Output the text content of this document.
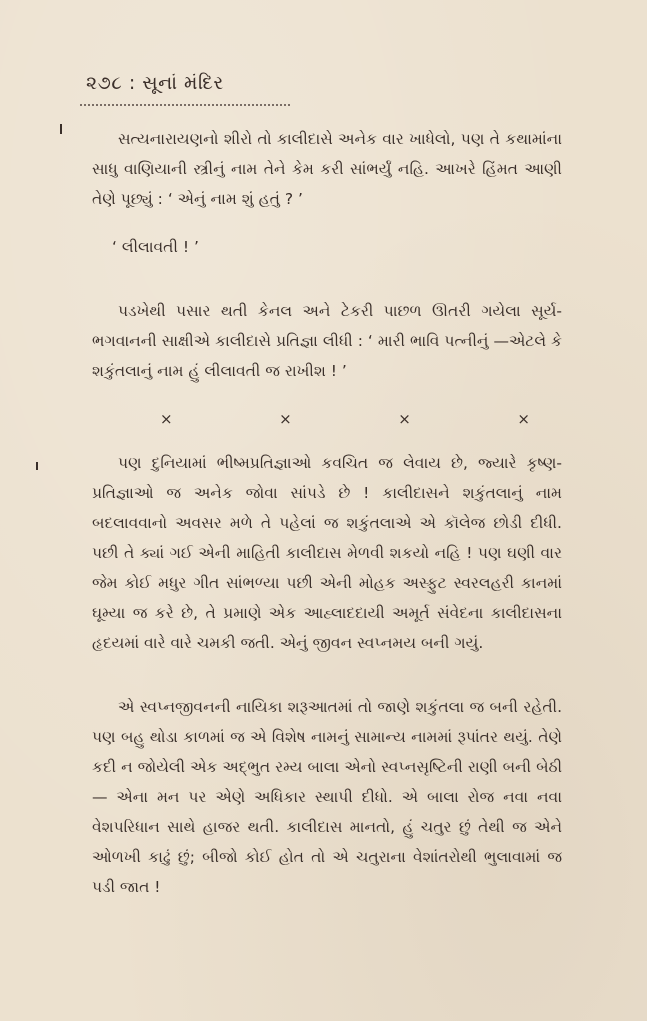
૨૭૮ : સૂનાં મંદિર
સત્યનારાયણનો શીરો તો કાલીદાસે અનેક વાર ખાધેલો, પણ તે કથામાંના સાધુ વાણિયાની સ્ત્રીનું નામ તેને કેમ કરી સાંભર્યું નહિ. આખરે હિંમત આણી તેણે પૂછ્યું : ‘ એનું નામ શું હતું ? ’
‘ લીલાવતી ! ’
પડખેથી પસાર થતી કેનલ અને ટેકરી પાછળ ઊતરી ગયેલા સૂર્ય-ભગવાનની સાક્ષીએ કાલીદાસે પ્રતિજ્ઞા લીધી : ‘ મારી ભાવિ પત્નીનું —એટલે કે શકુંતલાનું નામ હું લીલાવતી જ રાખીશ ! ’
×	×	×	×
પણ દુનિયામાં ભીષ્મપ્રતિજ્ઞાઓ કવચિત જ લેવાય છે, જ્યારે કૃષ્ણ-પ્રતિજ્ઞાઓ જ અનેક જોવા સાંપડે છે ! કાલીદાસને શકુંતલાનું નામ બદલાવવાનો અવસર મળે તે પહેલાં જ શકુંતલાએ એ કૉલેજ છોડી દીધી. પછી તે ક્યાં ગઈ એની માહિતી કાલીદાસ મેળવી શકયો નહિ ! પણ ઘણી વાર જેમ કોઈ મધુર ગીત સાંભળ્યા પછી એની મોહક અસ્ફુટ સ્વરલહરી કાનમાં ઘૂમ્યા જ કરે છે, તે પ્રમાણે એક આહ્લાદદાયી અમૂર્ત સંવેદના કાલીદાસના હૃદયમાં વારે વારે ચમકી જતી. એનું જીવન સ્વપ્નમય બની ગયું.
એ સ્વપ્નજીવનની નાયિકા શરૂઆતમાં તો જાણે શકુંતલા જ બની રહેતી. પણ બહુ થોડા કાળમાં જ એ વિશેષ નામનું સામાન્ય નામમાં રૂપાંતર થયું. તેણે કદી ન જોયેલી એક અદ્ભુત રમ્ય બાલા એનો સ્વપ્નસૃષ્ટિની રાણી બની બેઠી — એના મન પર એણે અધિકાર સ્થાપી દીધો. એ બાલા રોજ નવા નવા વેશપરિધાન સાથે હાજર થતી. કાલીદાસ માનતો, હું ચતુર છું તેથી જ એને ઓળખી કાઢું છું; બીજો કોઈ હોત તો એ ચતુરાના વેશાંતરોથી ભુલાવામાં જ પડી જાત !
